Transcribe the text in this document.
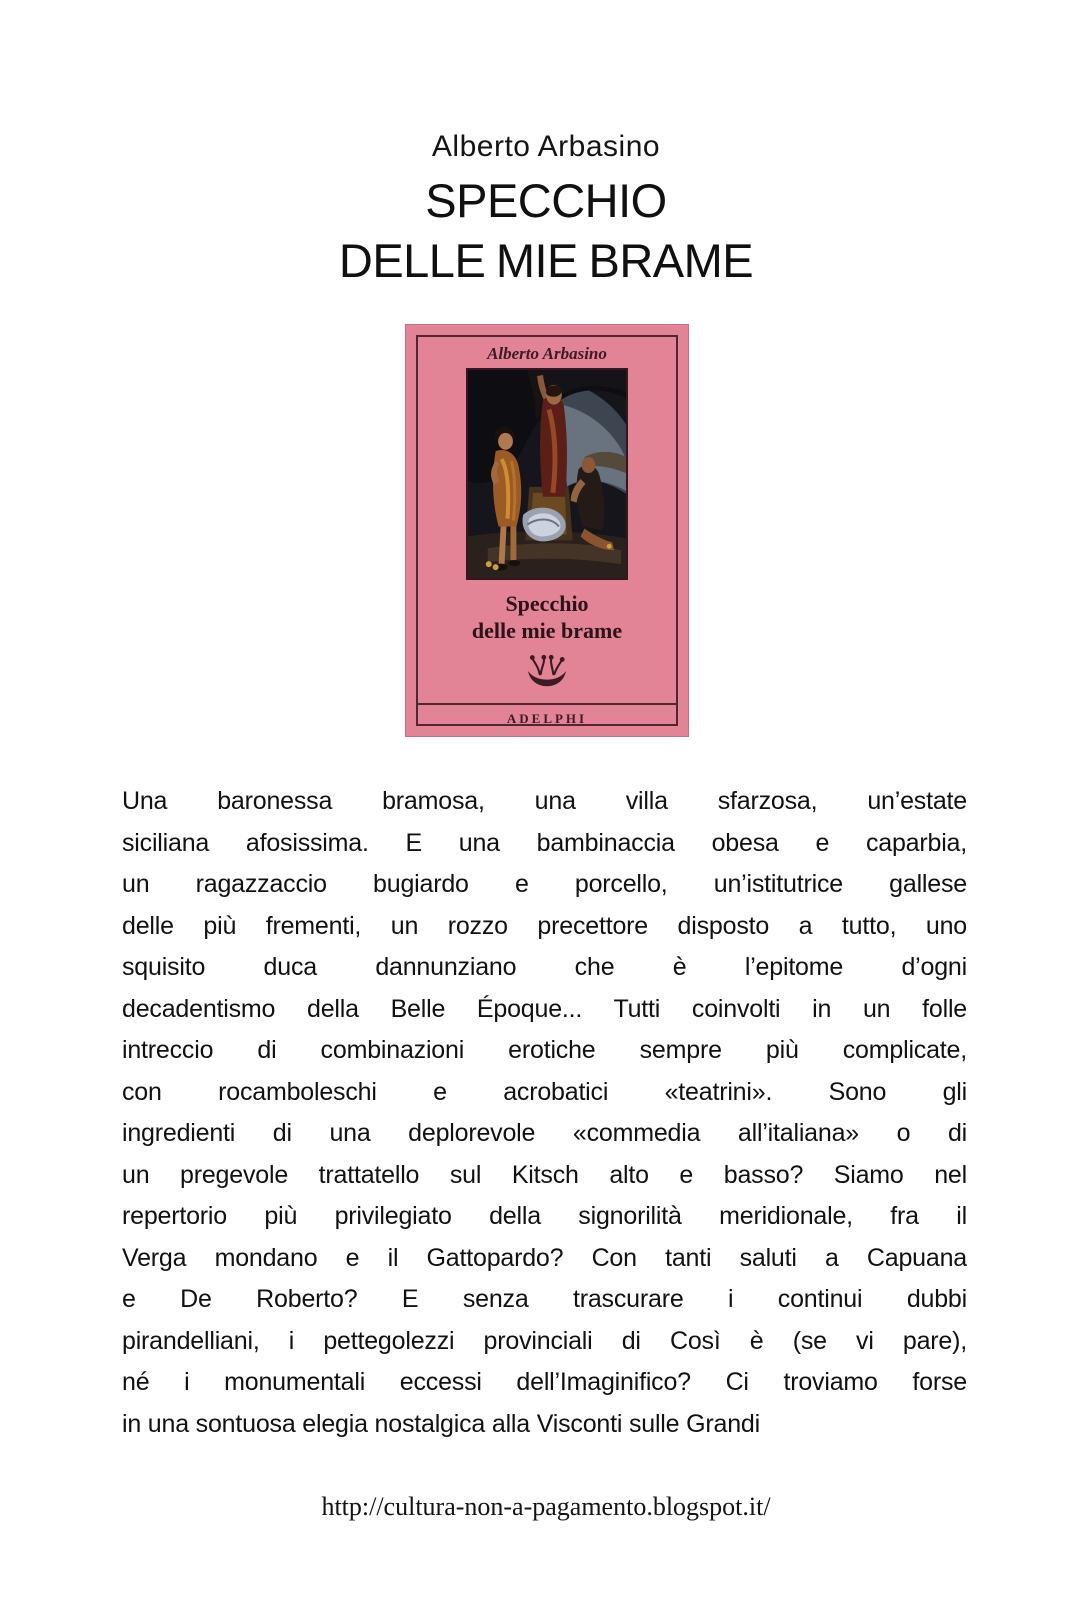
Alberto Arbasino
SPECCHIO
DELLE MIE BRAME
Alberto Arbasino
Specchio
delle mie brame
ADELPHI
Una baronessa bramosa, una villa sfarzosa, un’estate
siciliana afosissima. E una bambinaccia obesa e caparbia,
un ragazzaccio bugiardo e porcello, un’istitutrice gallese
delle più frementi, un rozzo precettore disposto a tutto, uno
squisito duca dannunziano che è l’epitome d’ogni
decadentismo della Belle Époque... Tutti coinvolti in un folle
intreccio di combinazioni erotiche sempre più complicate,
con rocamboleschi e acrobatici «teatrini». Sono gli
ingredienti di una deplorevole «commedia all’italiana» o di
un pregevole trattatello sul Kitsch alto e basso? Siamo nel
repertorio più privilegiato della signorilità meridionale, fra il
Verga mondano e il Gattopardo? Con tanti saluti a Capuana
e De Roberto? E senza trascurare i continui dubbi
pirandelliani, i pettegolezzi provinciali di Così è (se vi pare),
né i monumentali eccessi dell’Imaginifico? Ci troviamo forse
in una sontuosa elegia nostalgica alla Visconti sulle Grandi
http://cultura-non-a-pagamento.blogspot.it/
